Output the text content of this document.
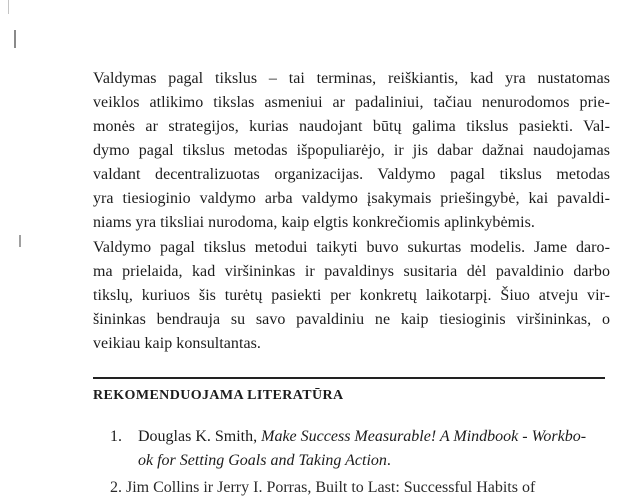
Valdymas pagal tikslus – tai terminas, reiškiantis, kad yra nustatomas
veiklos atlikimo tikslas asmeniui ar padaliniui, tačiau nenurodomos prie-
monės ar strategijos, kurias naudojant būtų galima tikslus pasiekti. Val-
dymo pagal tikslus metodas išpopuliarėjo, ir jis dabar dažnai naudojamas
valdant decentralizuotas organizacijas. Valdymo pagal tikslus metodas
yra tiesioginio valdymo arba valdymo įsakymais priešingybė, kai pavaldi-
niams yra tiksliai nurodoma, kaip elgtis konkrečiomis aplinkybėmis.

Valdymo pagal tikslus metodui taikyti buvo sukurtas modelis. Jame daro-
ma prielaida, kad viršininkas ir pavaldinys susitaria dėl pavaldinio darbo
tikslų, kuriuos šis turėtų pasiekti per konkretų laikotarpį. Šiuo atveju vir-
šininkas bendrauja su savo pavaldiniu ne kaip tiesioginis viršininkas, o
veikiau kaip konsultantas.

REKOMENDUOJAMA LITERATŪRA
1. Douglas K. Smith, Make Success Measurable! A Mindbook - Workbo-
ok for Setting Goals and Taking Action.
2. Jim Collins ir Jerry I. Porras, Built to Last: Successful Habits of
